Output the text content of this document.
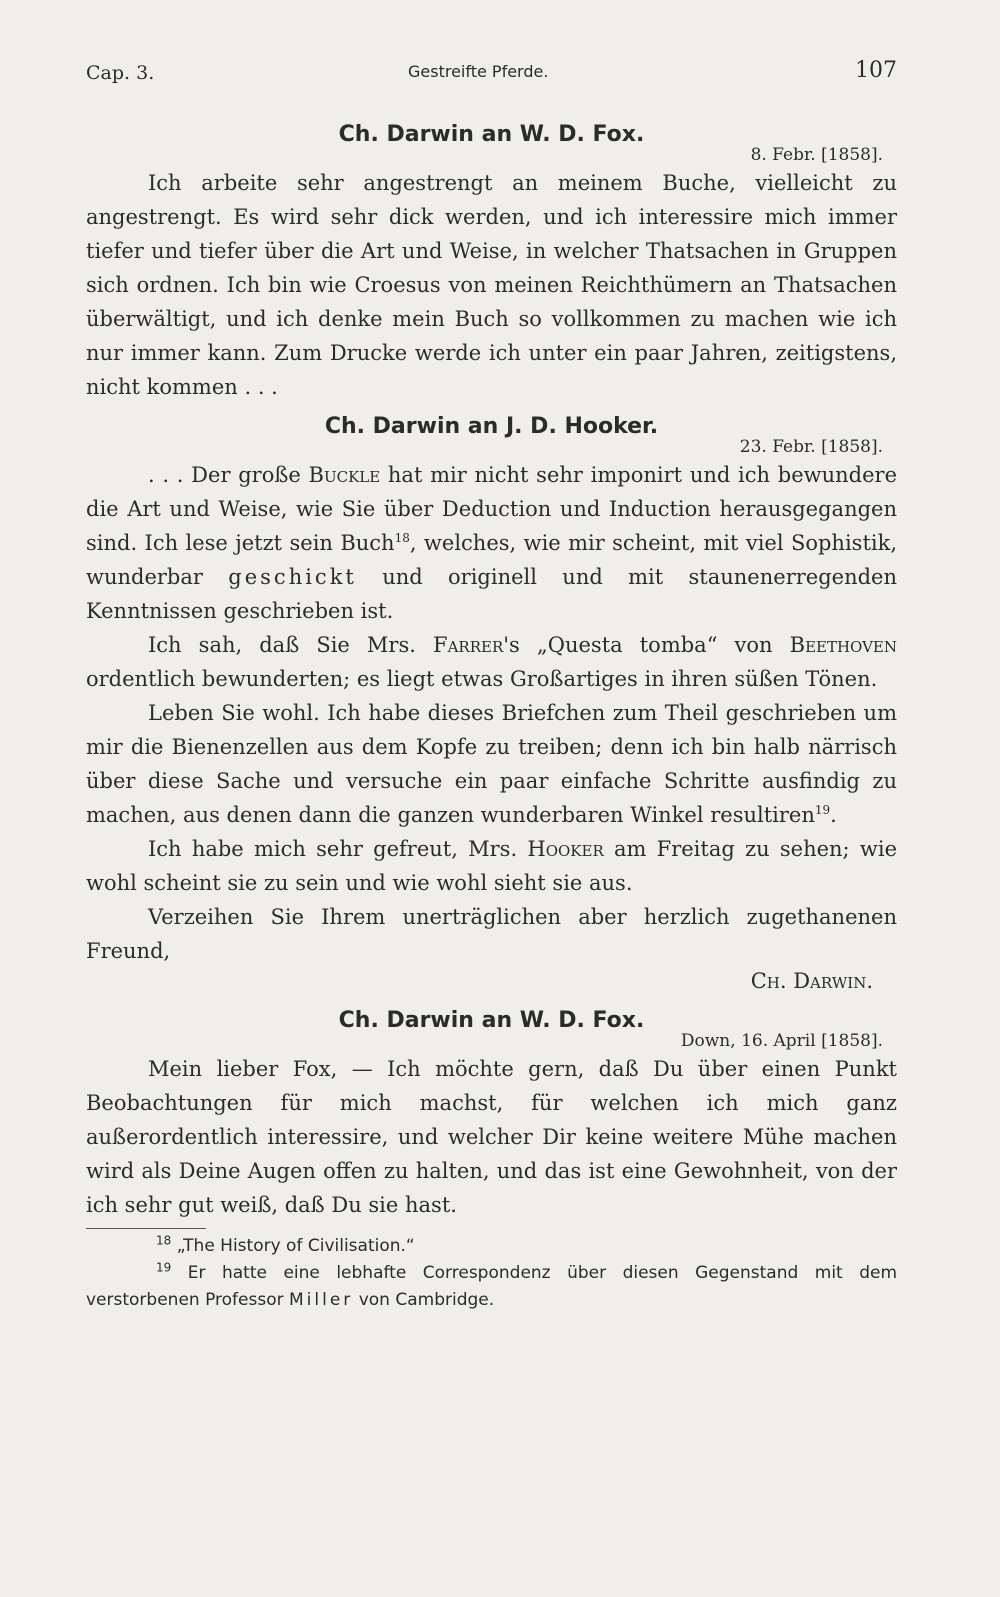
Cap. 3.	Gestreifte Pferde.	107

Ch. Darwin an W. D. Fox.

8. Febr. [1858].

Ich arbeite sehr angestrengt an meinem Buche, vielleicht zu angestrengt. Es wird sehr dick werden, und ich interessire mich immer tiefer und tiefer über die Art und Weise, in welcher Thatsachen in Gruppen sich ordnen. Ich bin wie Croesus von meinen Reichthümern an Thatsachen überwältigt, und ich denke mein Buch so vollkommen zu machen wie ich nur immer kann. Zum Drucke werde ich unter ein paar Jahren, zeitigstens, nicht kommen . . .

Ch. Darwin an J. D. Hooker.

23. Febr. [1858].

. . . Der große Buckle hat mir nicht sehr imponirt und ich bewundere die Art und Weise, wie Sie über Deduction und Induction herausgegangen sind. Ich lese jetzt sein Buch$^{18}$, welches, wie mir scheint, mit viel Sophistik, wunderbar geschickt und originell und mit staunenerregenden Kenntnissen geschrieben ist.

Ich sah, daß Sie Mrs. Farrer's „Questa tomba“ von Beethoven ordentlich bewunderten; es liegt etwas Großartiges in ihren süßen Tönen.

Leben Sie wohl. Ich habe dieses Briefchen zum Theil geschrieben um mir die Bienenzellen aus dem Kopfe zu treiben; denn ich bin halb närrisch über diese Sache und versuche ein paar einfache Schritte ausfindig zu machen, aus denen dann die ganzen wunderbaren Winkel resultiren$^{19}$.

Ich habe mich sehr gefreut, Mrs. Hooker am Freitag zu sehen; wie wohl scheint sie zu sein und wie wohl sieht sie aus.

Verzeihen Sie Ihrem unerträglichen aber herzlich zugethanenen Freund,

Ch. Darwin.

Ch. Darwin an W. D. Fox.

Down, 16. April [1858].

Mein lieber Fox, — Ich möchte gern, daß Du über einen Punkt Beobachtungen für mich machst, für welchen ich mich ganz außerordentlich interessire, und welcher Dir keine weitere Mühe machen wird als Deine Augen offen zu halten, und das ist eine Gewohnheit, von der ich sehr gut weiß, daß Du sie hast.

$^{18}$ „The History of Civilisation.“

$^{19}$ Er hatte eine lebhafte Correspondenz über diesen Gegenstand mit dem verstorbenen Professor Miller von Cambridge.
